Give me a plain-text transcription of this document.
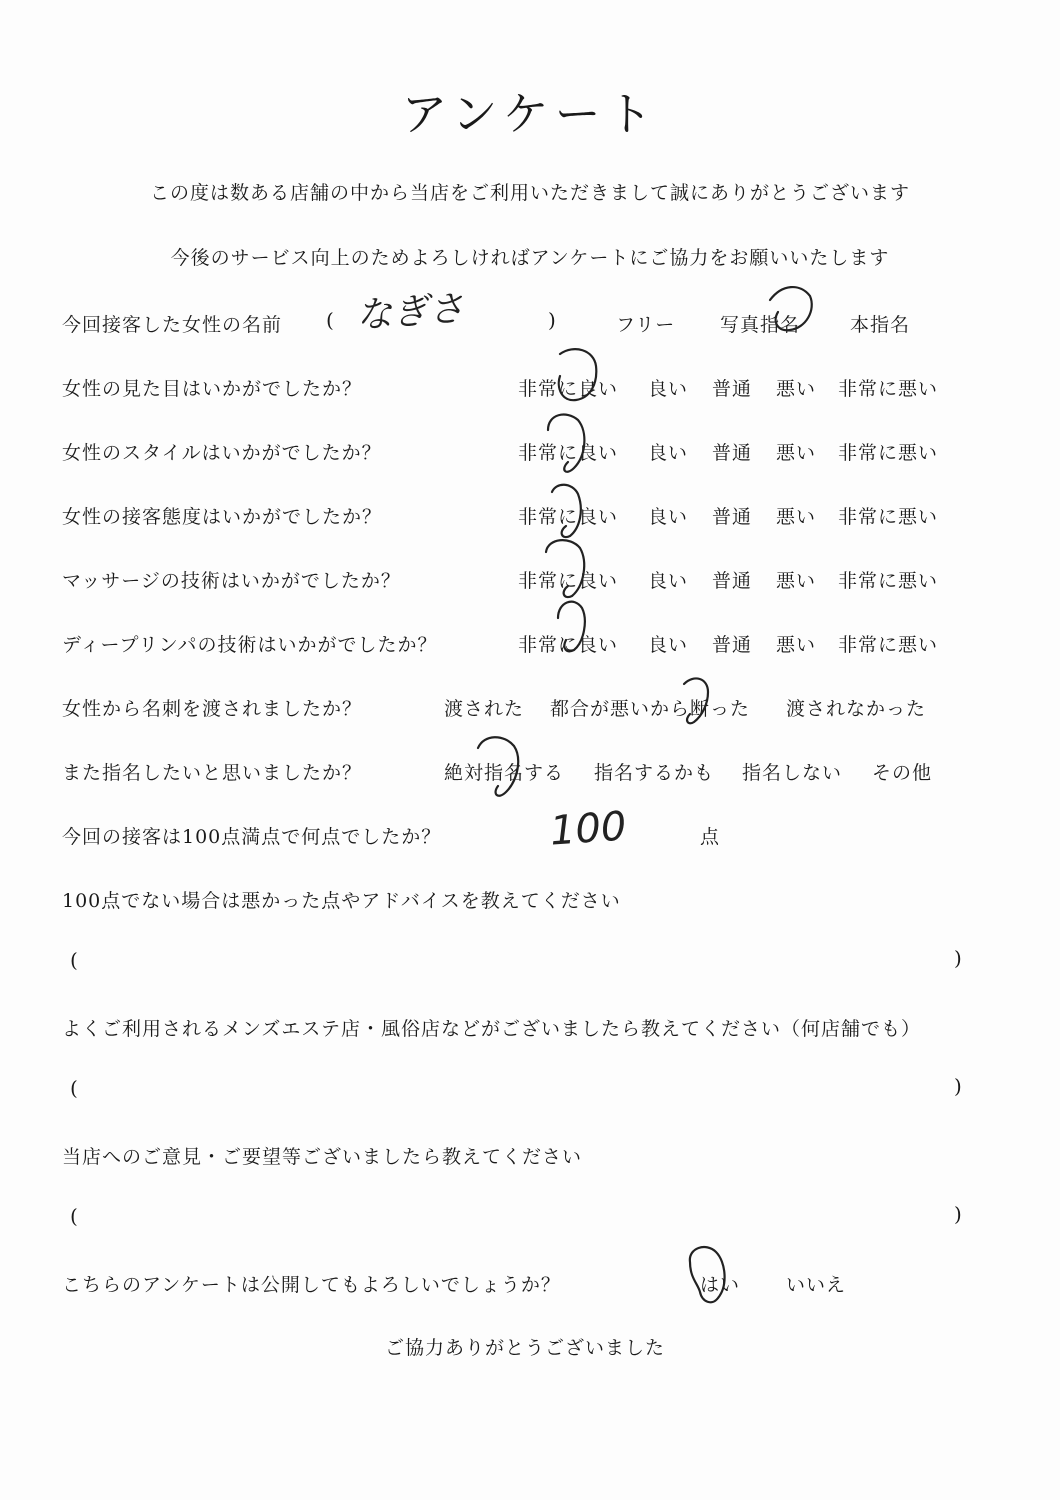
アンケート
この度は数ある店舗の中から当店をご利用いただきまして誠にありがとうございます
今後のサービス向上のためよろしければアンケートにご協力をお願いいたします
今回接客した女性の名前 ( なぎさ	)	フリー 写真指名	本指名
女性の見た目はいかがでしたか？	非常に良い 良い 普通 悪い 非常に悪い
女性のスタイルはいかがでしたか？	非常に良い 良い 普通 悪い 非常に悪い
女性の接客態度はいかがでしたか？	非常に良い 良い 普通 悪い 非常に悪い
マッサージの技術はいかがでしたか？	非常に良い 良い 普通 悪い 非常に悪い
ディープリンパの技術はいかがでしたか？	非常に良い 良い 普通 悪い 非常に悪い
女性から名刺を渡されましたか？	渡された 都合が悪いから断った 渡されなかった
また指名したいと思いましたか？	絶対指名する 指名するかも 指名しない その他
今回の接客は100点満点で何点でしたか？	100	点
100点でない場合は悪かった点やアドバイスを教えてください
(	)
よくご利用されるメンズエステ店・風俗店などがございましたら教えてください（何店舗でも）
(	)
当店へのご意見・ご要望等ございましたら教えてください
(	)
こちらのアンケートは公開してもよろしいでしょうか？	はい いいえ
ご協力ありがとうございました
